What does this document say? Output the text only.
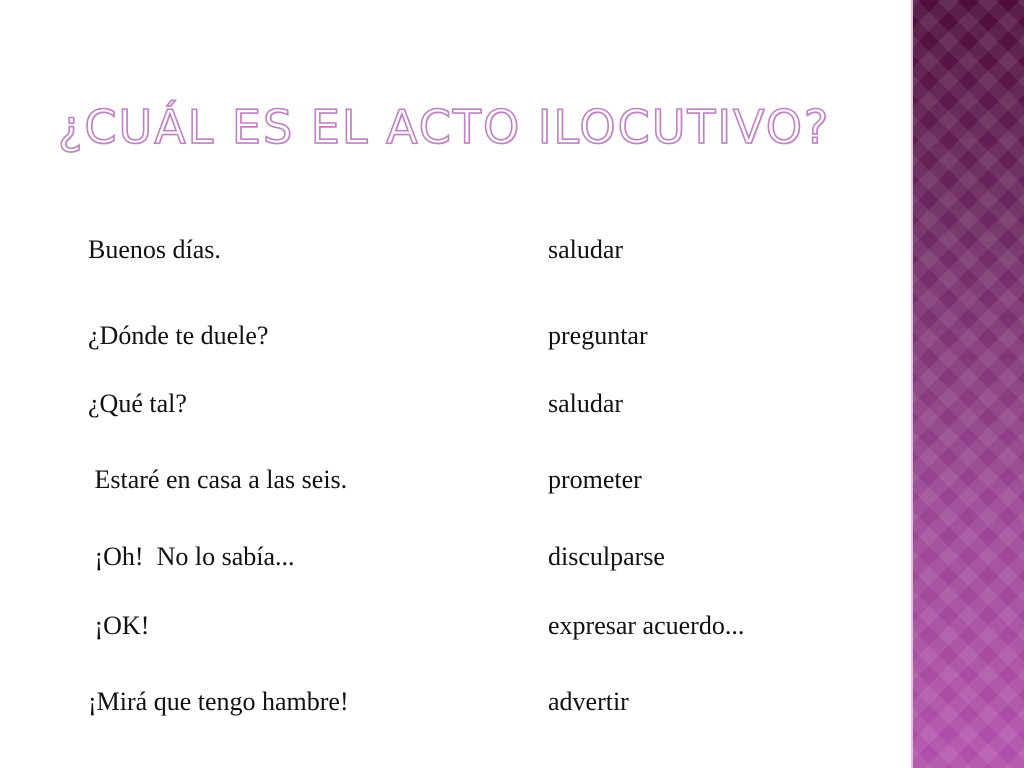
¿CUÁL ES EL ACTO ILOCUTIVO?
Buenos días.	saludar
¿Dónde te duele?	preguntar
¿Qué tal?	saludar
Estaré en casa a las seis.	prometer
¡Oh!  No lo sabía...	disculparse
¡OK!	expresar acuerdo...
¡Mirá que tengo hambre!	advertir
